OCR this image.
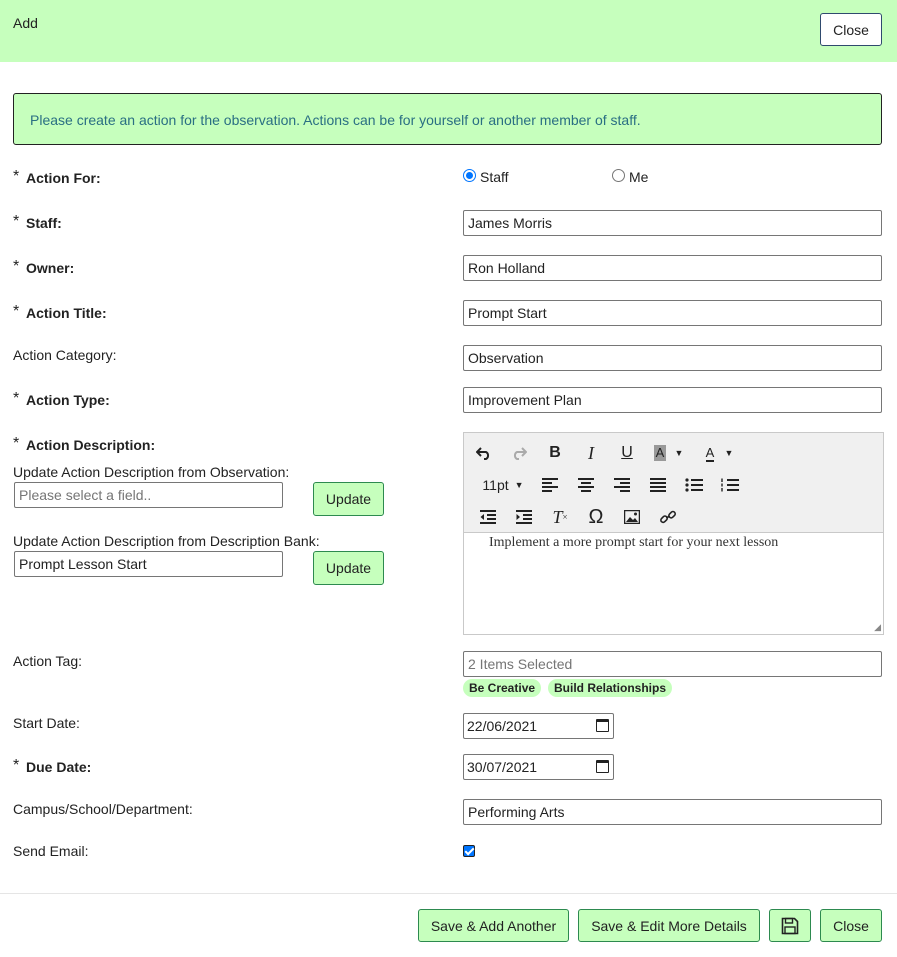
Add	Close
Please create an action for the observation. Actions can be for yourself or another member of staff.
* Action For:	Staff	Me
* Staff:	James Morris
* Owner:	Ron Holland
* Action Title:	Prompt Start
Action Category:	Observation
* Action Type:	Improvement Plan
* Action Description:
Update Action Description from Observation:
Please select a field..	Update
Update Action Description from Description Bank:
Prompt Lesson Start	Update
B	I	U	A ▼ A ▼
11pt ▼
T × Ω
Implement a more prompt start for your next lesson
◢
Action Tag:	2 Items Selected
Be Creative	Build Relationships
Start Date:	22/06/2021
* Due Date:	30/07/2021
Campus/School/Department:	Performing Arts
Send Email:
Save & Add Another	Save & Edit More Details	Close
